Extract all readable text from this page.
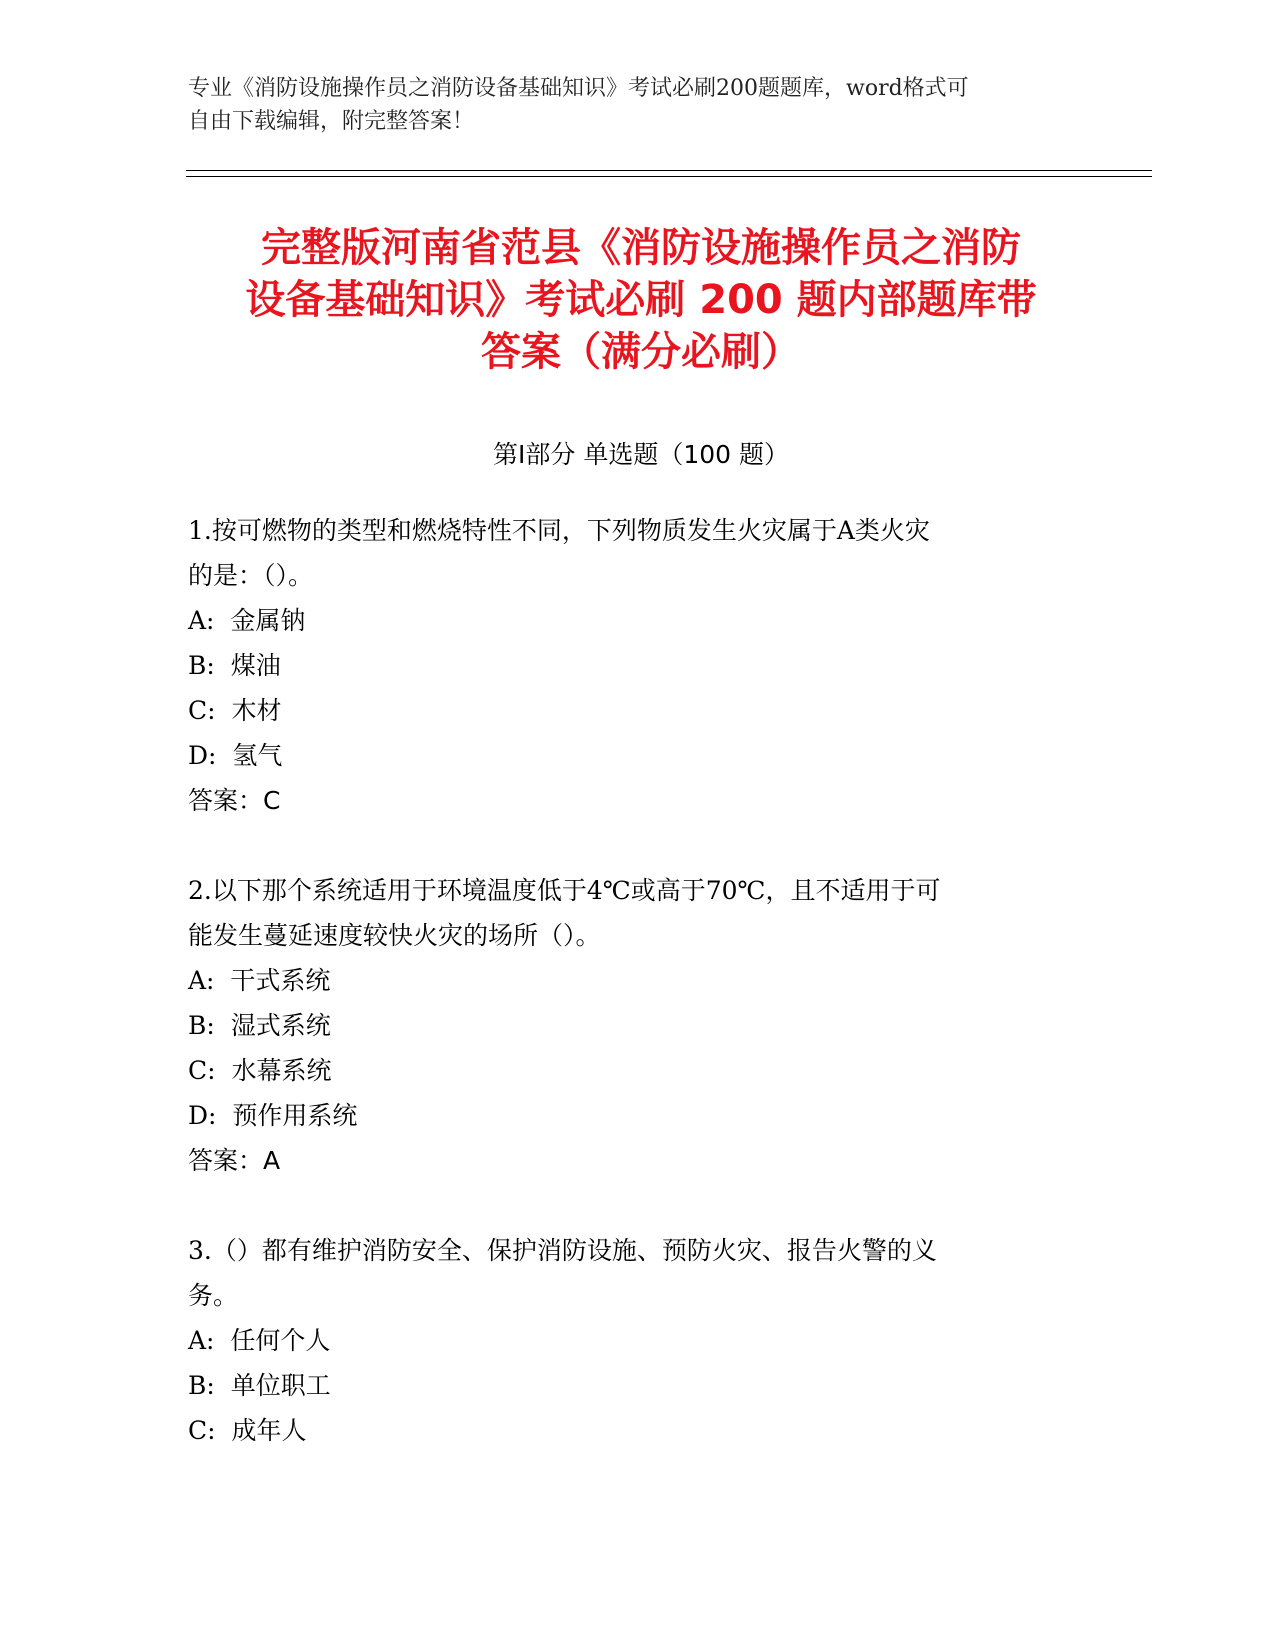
专业《消防设施操作员之消防设备基础知识》考试必刷200题题库，word格式可
自由下载编辑，附完整答案！
完整版河南省范县《消防设施操作员之消防
设备基础知识》考试必刷 200 题内部题库带
答案（满分必刷）
第Ⅰ部分 单选题（100 题）

1.按可燃物的类型和燃烧特性不同，下列物质发生火灾属于A类火灾

的是：（）。

A:  金属钠

B:  煤油

C:  木材

D:  氢气

答案：C

2.以下那个系统适用于环境温度低于4℃或高于70℃，且不适用于可

能发生蔓延速度较快火灾的场所（）。

A:  干式系统

B:  湿式系统

C:  水幕系统

D:  预作用系统

答案：A

3.（）都有维护消防安全、保护消防设施、预防火灾、报告火警的义

务。

A:  任何个人

B:  单位职工

C:  成年人
